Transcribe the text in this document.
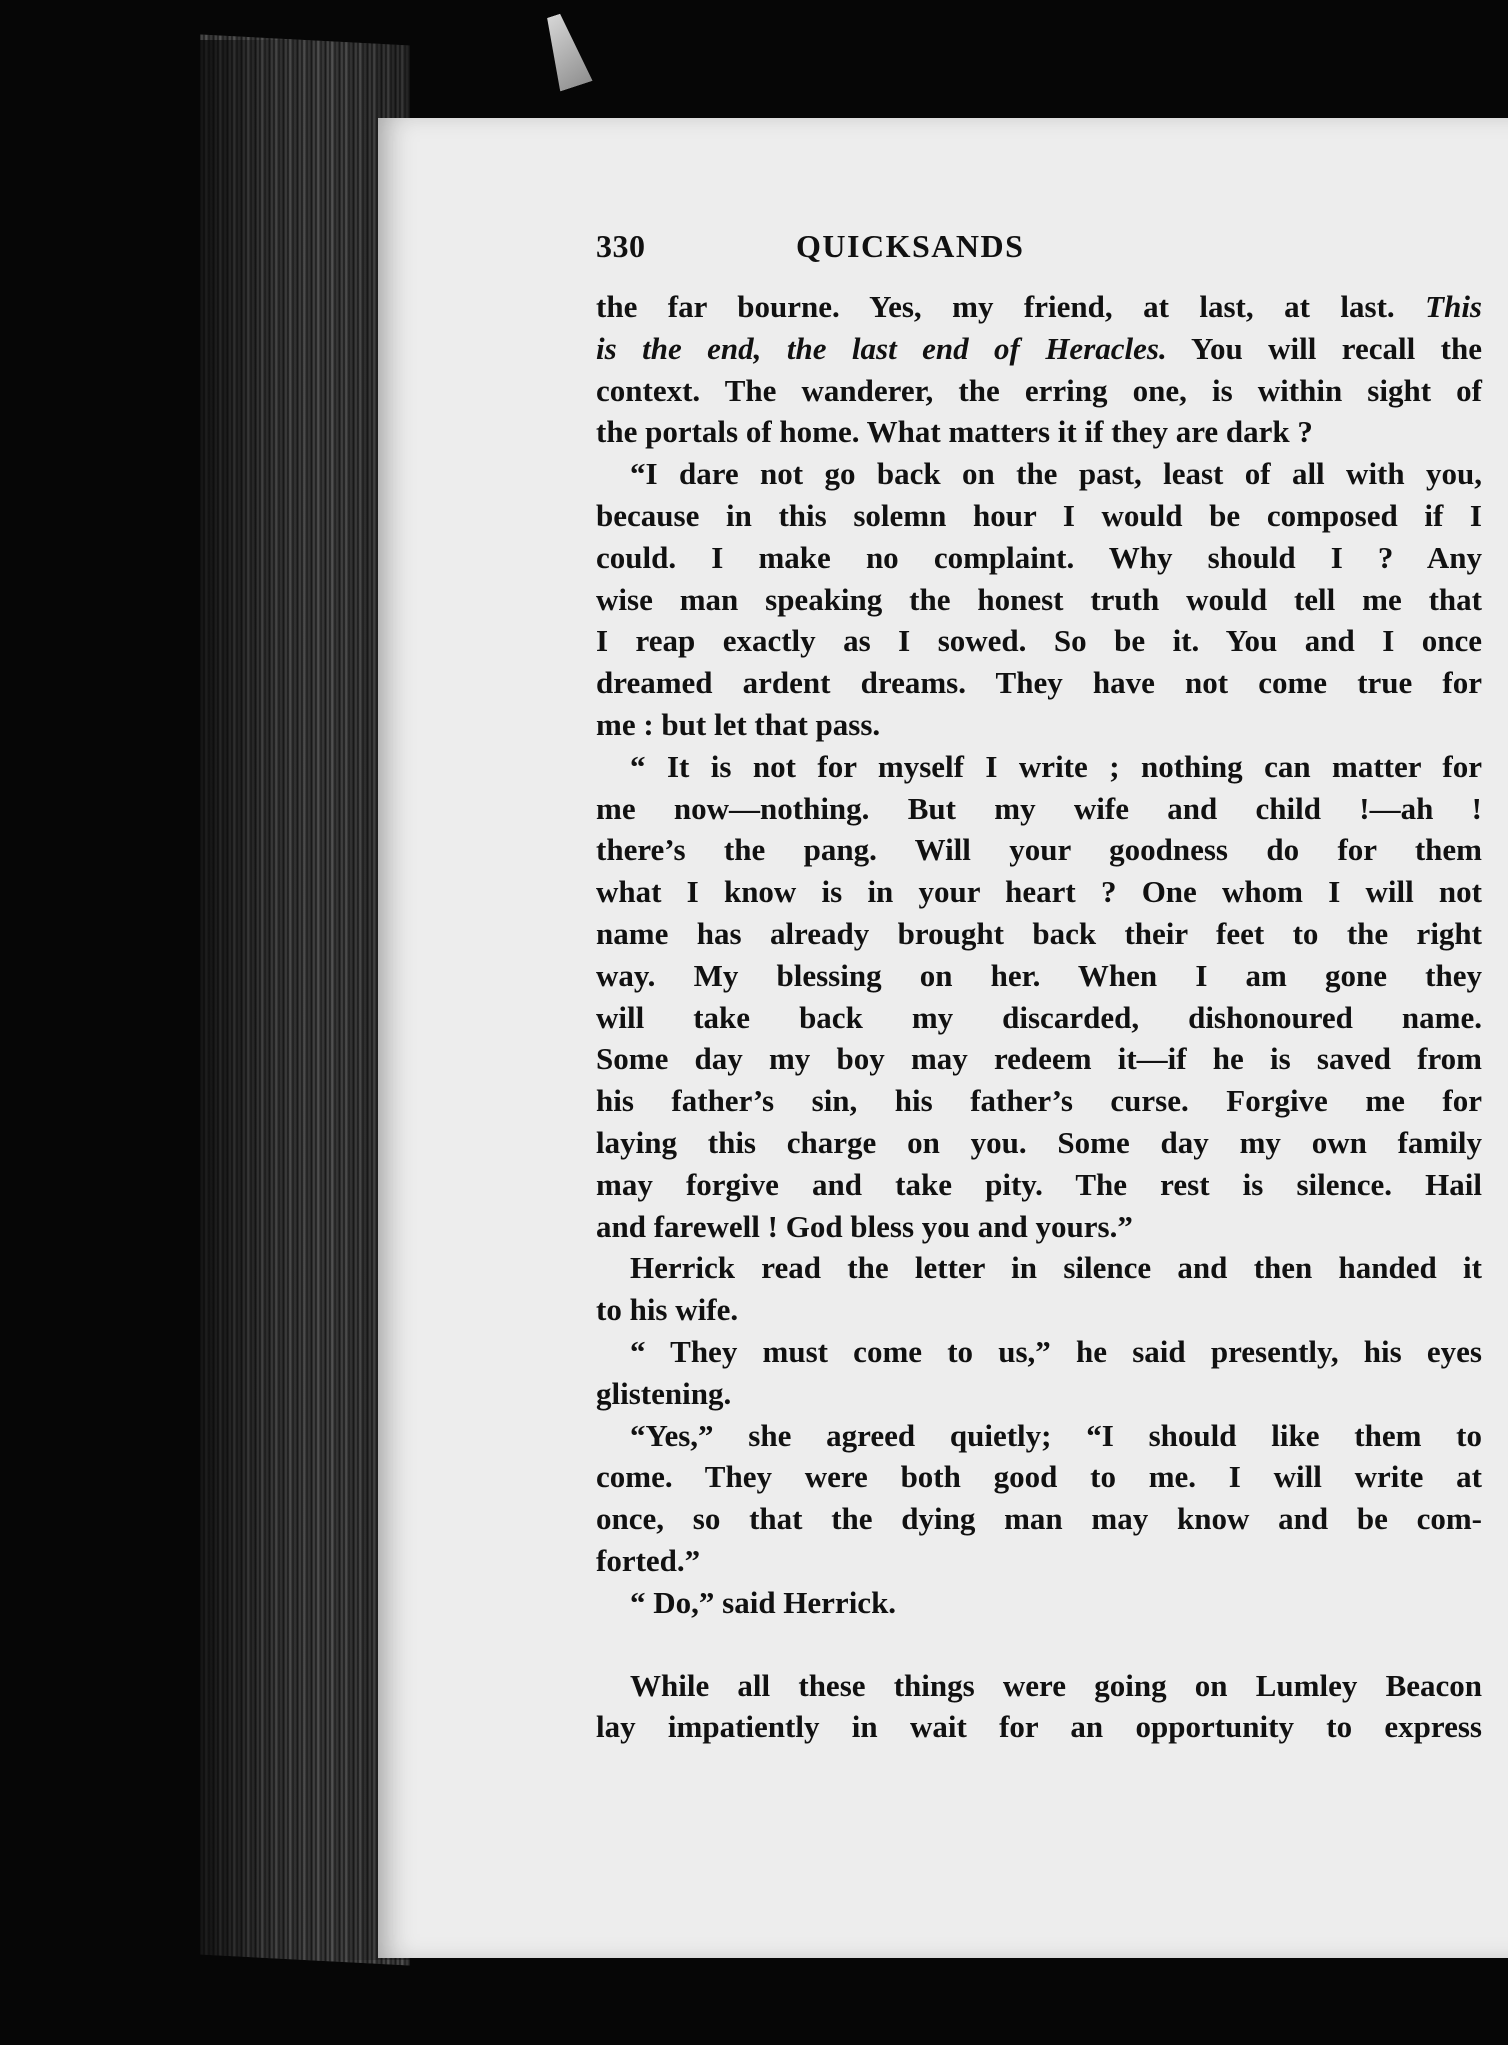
330	QUICKSANDS

the far bourne. Yes, my friend, at last, at last. This
is the end, the last end of Heracles. You will recall the
context. The wanderer, the erring one, is within sight of
the portals of home. What matters it if they are dark ?

“I dare not go back on the past, least of all with you,
because in this solemn hour I would be composed if I
could. I make no complaint. Why should I ? Any
wise man speaking the honest truth would tell me that
I reap exactly as I sowed. So be it. You and I once
dreamed ardent dreams. They have not come true for
me : but let that pass.

“ It is not for myself I write ; nothing can matter for
me now—nothing. But my wife and child !—ah !
there’s the pang. Will your goodness do for them
what I know is in your heart ? One whom I will not
name has already brought back their feet to the right
way. My blessing on her. When I am gone they
will take back my discarded, dishonoured name.
Some day my boy may redeem it—if he is saved from
his father’s sin, his father’s curse. Forgive me for
laying this charge on you. Some day my own family
may forgive and take pity. The rest is silence. Hail
and farewell ! God bless you and yours.”

Herrick read the letter in silence and then handed it
to his wife.

“ They must come to us,” he said presently, his eyes
glistening.

“Yes,” she agreed quietly; “I should like them to
come. They were both good to me. I will write at
once, so that the dying man may know and be com-
forted.”

“ Do,” said Herrick.

While all these things were going on Lumley Beacon
lay impatiently in wait for an opportunity to express
